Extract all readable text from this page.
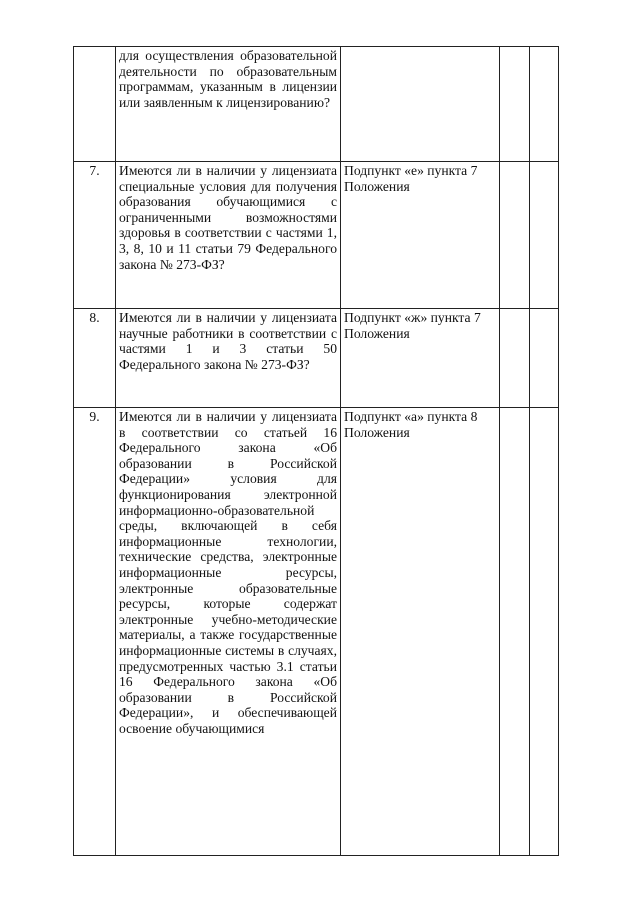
	для осуществления образовательной деятельности по образовательным программам, указанным в лицензии или заявленным к лицензированию?			
7.	Имеются ли в наличии у лицензиата специальные условия для получения образования обучающимися с ограниченными возможностями здоровья в соответствии с частями 1, 3, 8, 10 и 11 статьи 79 Федерального закона № 273-ФЗ?	Подпункт «е» пункта 7 Положения		
8.	Имеются ли в наличии у лицензиата научные работники в соответствии с частями 1 и 3 статьи 50 Федерального закона № 273-ФЗ?	Подпункт «ж» пункта 7 Положения		
9.	Имеются ли в наличии у лицензиата в соответствии со статьей 16 Федерального закона «Об образовании в Российской Федерации» условия для функционирования электронной информационно-образовательной среды, включающей в себя информационные технологии, технические средства, электронные информационные ресурсы, электронные образовательные ресурсы, которые содержат электронные учебно-методические материалы, а также государственные информационные системы в случаях, предусмотренных частью 3.1 статьи 16 Федерального закона «Об образовании в Российской Федерации», и обеспечивающей освоение обучающимися	Подпункт «а» пункта 8 Положения		
